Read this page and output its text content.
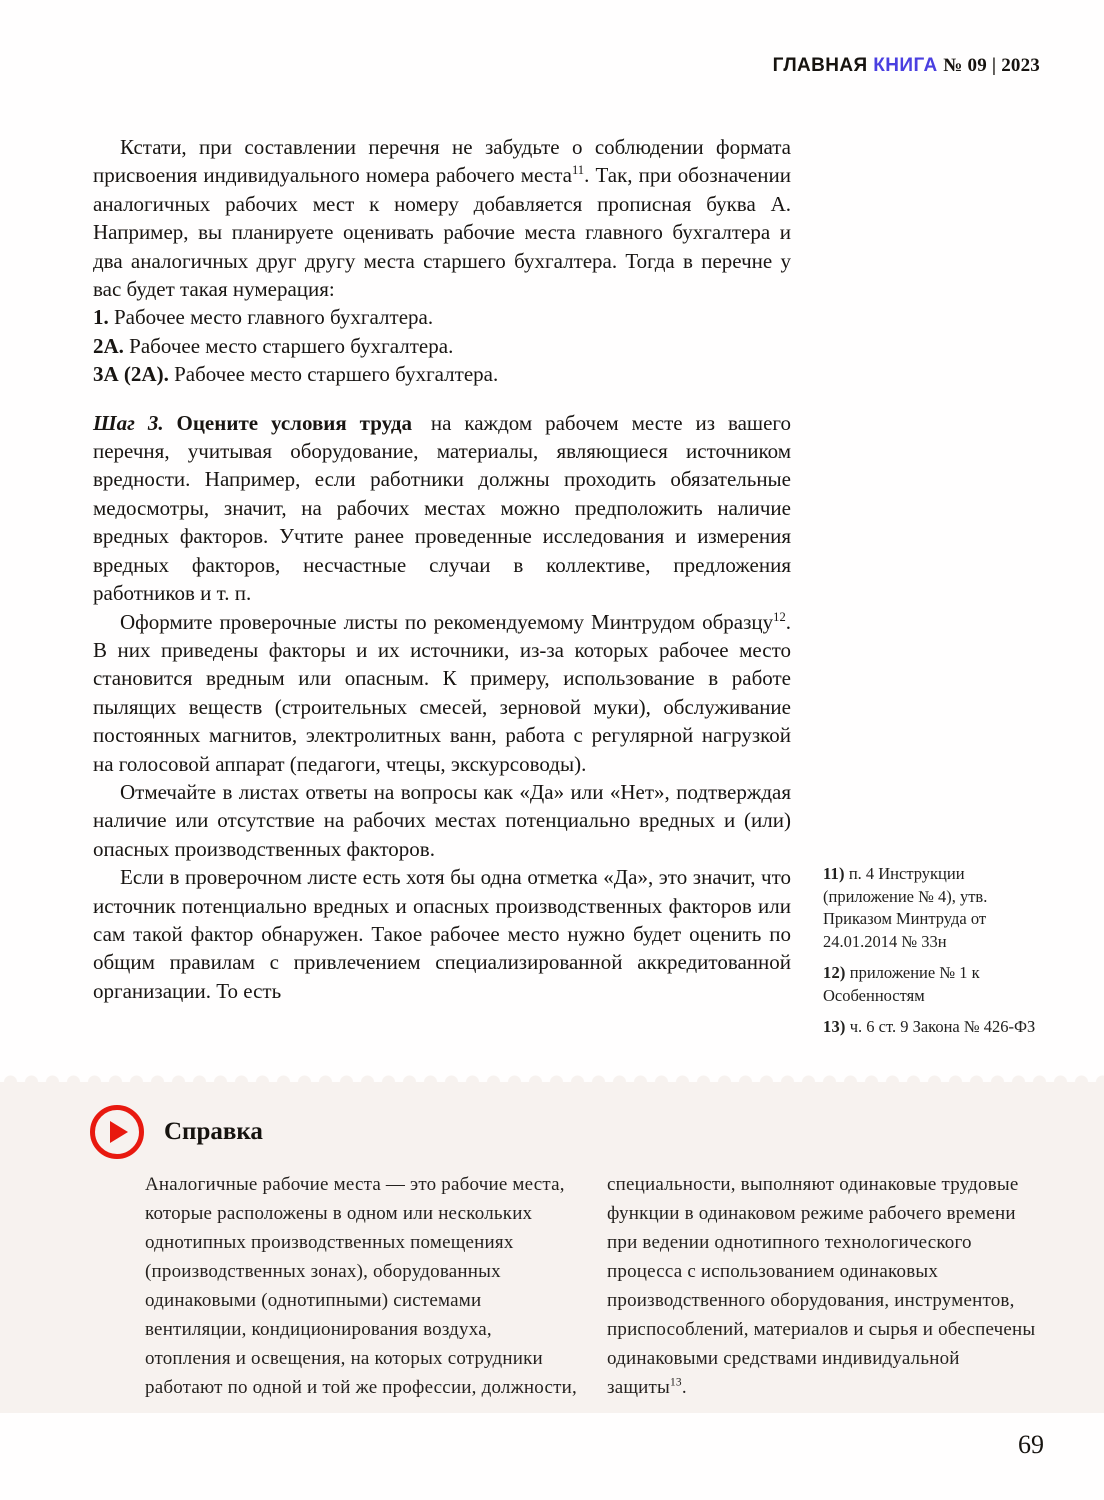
ГЛАВНАЯ КНИГА № 09 | 2023

Кстати, при составлении перечня не забудьте о соблюдении формата присвоения индивидуального номера рабочего места$^{11}$. Так, при обозначении аналогичных рабочих мест к номеру добавляется прописная буква А. Например, вы планируете оценивать рабочие места главного бухгалтера и два аналогичных друг другу места старшего бухгалтера. Тогда в перечне у вас будет такая нумерация:

1. Рабочее место главного бухгалтера.

2А. Рабочее место старшего бухгалтера.

3А (2А). Рабочее место старшего бухгалтера.

Шаг 3. Оцените условия труда на каждом рабочем месте из вашего перечня, учитывая оборудование, материалы, являющиеся источником вредности. Например, если работники должны проходить обязательные медосмотры, значит, на рабочих местах можно предположить наличие вредных факторов. Учтите ранее проведенные исследования и измерения вредных факторов, несчастные случаи в коллективе, предложения работников и т. п.

Оформите проверочные листы по рекомендуемому Минтрудом образцу$^{12}$. В них приведены факторы и их источники, из-за которых рабочее место становится вредным или опасным. К примеру, использование в работе пылящих веществ (строительных смесей, зерновой муки), обслуживание постоянных магнитов, электролитных ванн, работа с регулярной нагрузкой на голосовой аппарат (педагоги, чтецы, экскурсоводы).

Отмечайте в листах ответы на вопросы как «Да» или «Нет», подтверждая наличие или отсутствие на рабочих местах потенциально вредных и (или) опасных производственных факторов.

Если в проверочном листе есть хотя бы одна отметка «Да», это значит, что источник потенциально вредных и опасных производственных факторов или сам такой фактор обнаружен. Такое рабочее место нужно будет оценить по общим правилам с привлечением специализированной аккредитованной организации. То есть

11) п. 4 Инструкции (приложение № 4), утв. Приказом Минтруда от 24.01.2014 № 33н

12) приложение № 1 к Особенностям

13) ч. 6 ст. 9 Закона № 426-ФЗ

Справка

Аналогичные рабочие места — это рабочие места, которые расположены в одном или нескольких однотипных производственных помещениях (производственных зонах), оборудованных одинаковыми (однотипными) системами вентиляции, кондиционирования воздуха, отопления и освещения, на которых сотрудники работают по одной и той же профессии, должности,

специальности, выполняют одинаковые трудовые функции в одинаковом режиме рабочего времени при ведении однотипного технологического процесса с использованием одинаковых производственного оборудования, инструментов, приспособлений, материалов и сырья и обеспечены одинаковыми средствами индивидуальной защиты$^{13}$.

69
